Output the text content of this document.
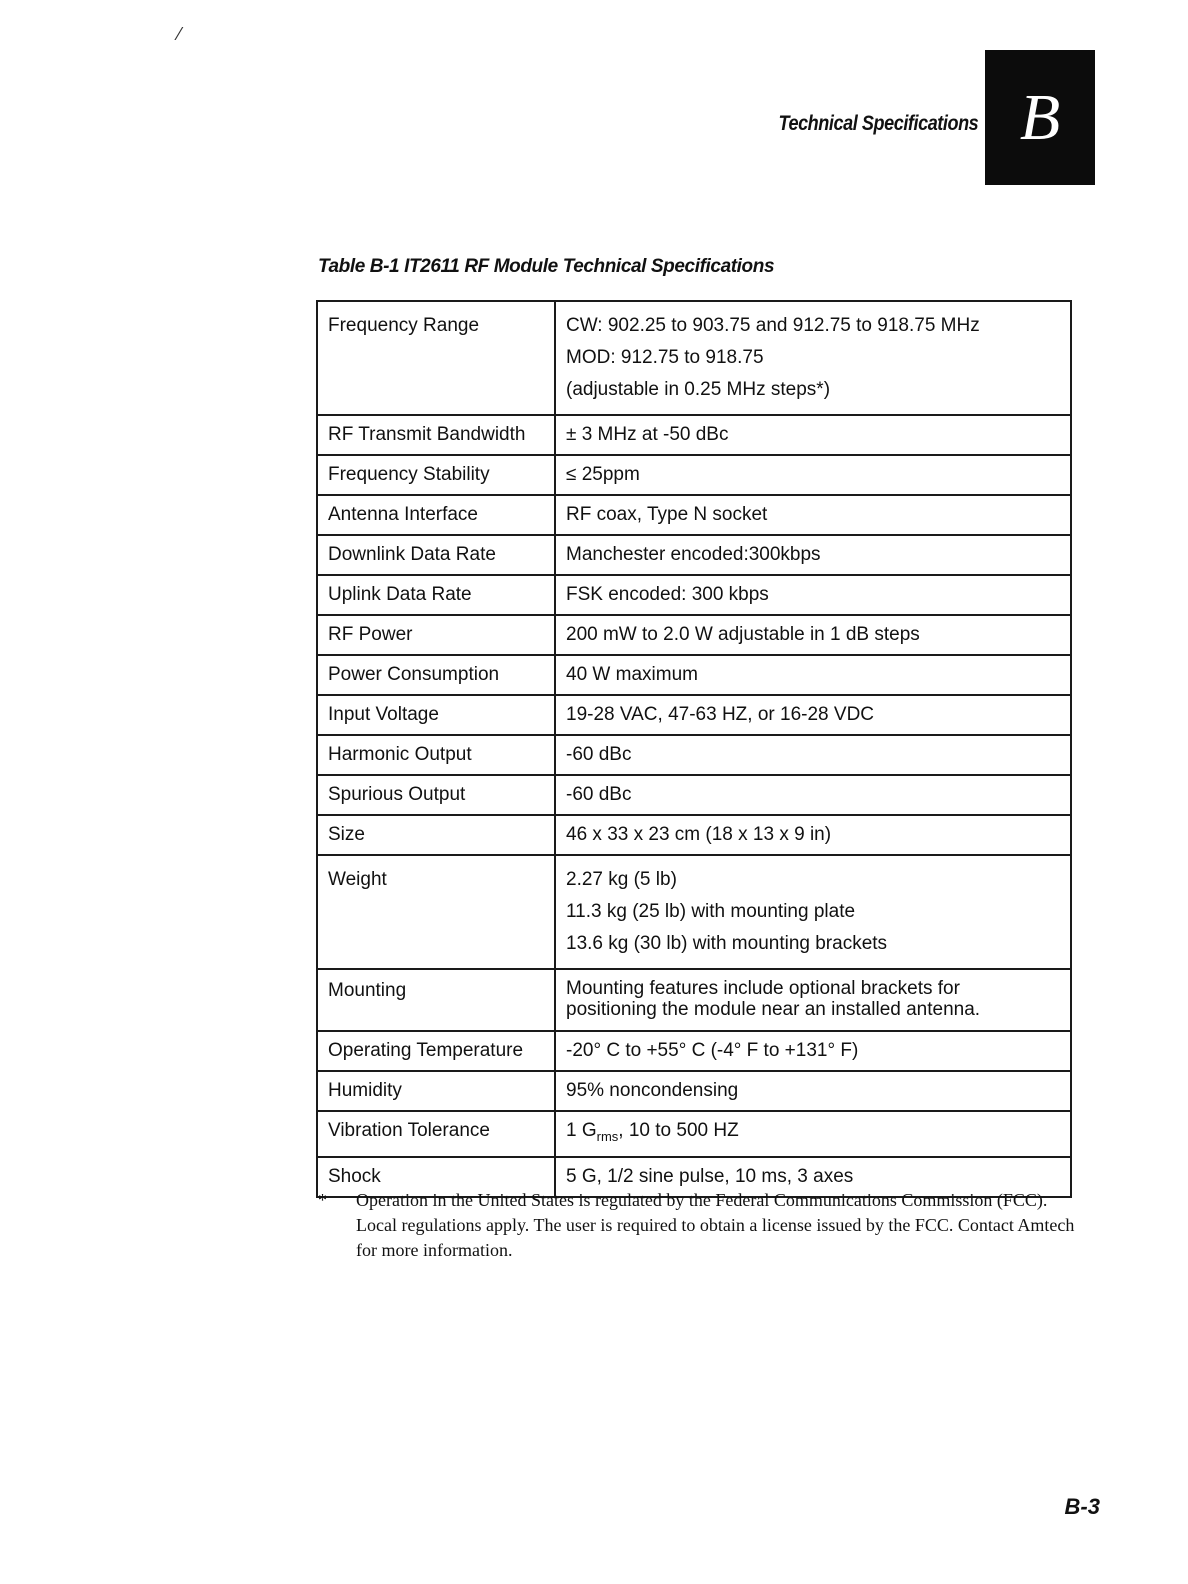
⁄
Technical Specifications B
Table B-1 IT2611 RF Module Technical Specifications
Frequency Range	CW: 902.25 to 903.75 and 912.75 to 918.75 MHz
MOD: 912.75 to 918.75
(adjustable in 0.25 MHz steps*)

RF Transmit Bandwidth	± 3 MHz at -50 dBc
Frequency Stability	≤ 25ppm
Antenna Interface	RF coax, Type N socket
Downlink Data Rate	Manchester encoded:300kbps
Uplink Data Rate	FSK encoded: 300 kbps
RF Power	200 mW to 2.0 W adjustable in 1 dB steps
Power Consumption	40 W maximum
Input Voltage	19-28 VAC, 47-63 HZ, or 16-28 VDC
Harmonic Output	-60 dBc
Spurious Output	-60 dBc
Size	46 x 33 x 23 cm (18 x 13 x 9 in)
Weight	2.27 kg (5 lb)
11.3 kg (25 lb) with mounting plate
13.6 kg (30 lb) with mounting brackets

Mounting	Mounting features include optional brackets for
positioning the module near an installed antenna.

Operating Temperature	-20° C to +55° C (-4° F to +131° F)
Humidity	95% noncondensing
Vibration Tolerance	1 $G_{rms}$, 10 to 500 HZ
Shock	5 G, 1/2 sine pulse, 10 ms, 3 axes
* Operation in the United States is regulated by the Federal Communications Commission (FCC). Local regulations apply. The user is required to obtain a license issued by the FCC. Contact Amtech for more information.
B-3
